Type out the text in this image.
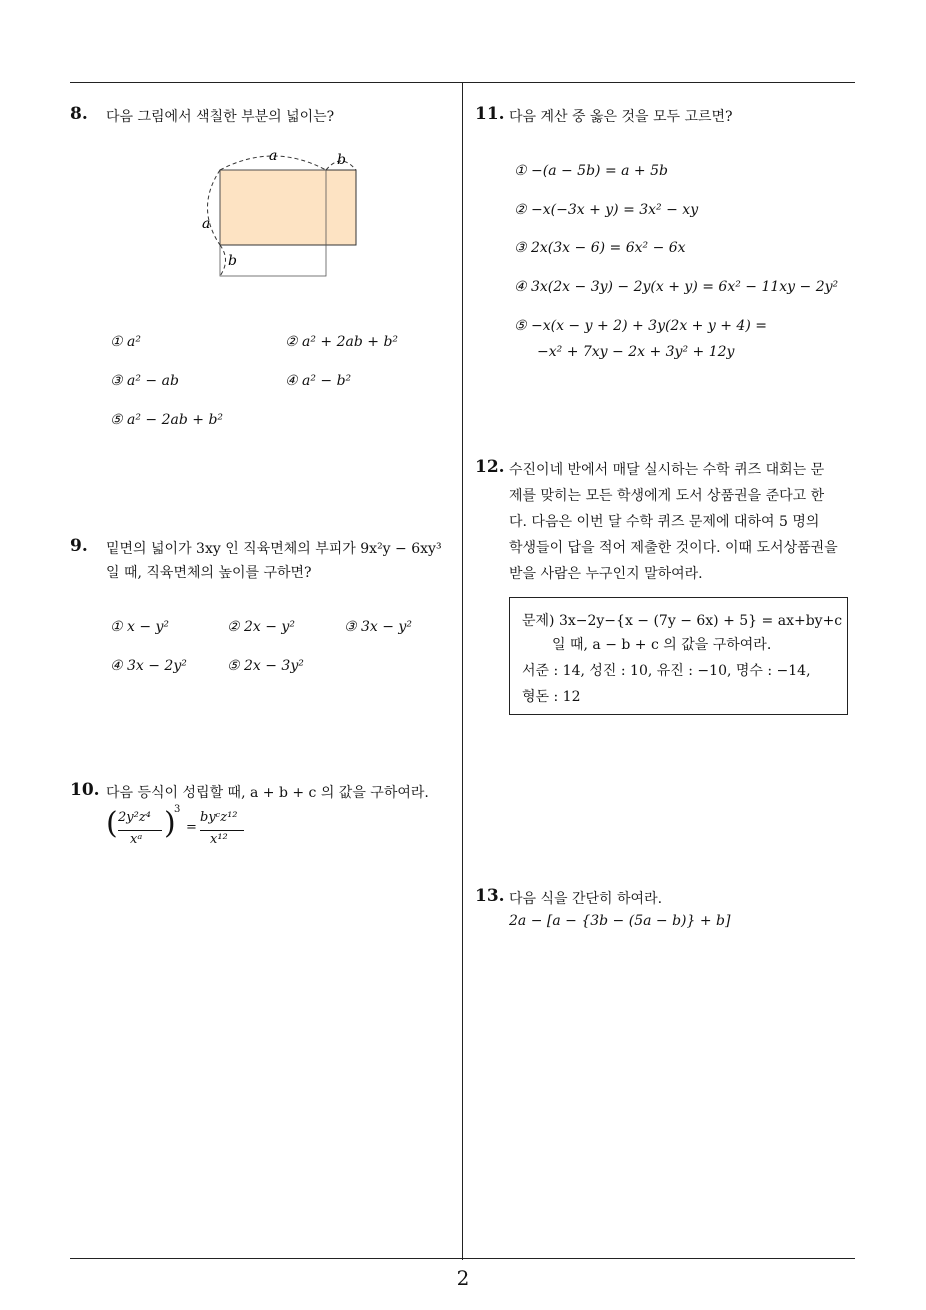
2
8. 다음 그림에서 색칠한 부분의 넓이는?
a	b
a
b
① a²	② a² + 2ab + b²
③ a² − ab	④ a² − b²
⑤ a² − 2ab + b²
9. 밑면의 넓이가 3xy 인 직육면체의 부피가 9x²y − 6xy³
일 때, 직육면체의 높이를 구하면?
① x − y²	② 2x − y²	③ 3x − y²
④ 3x − 2y²	⑤ 2x − 3y²
10. 다음 등식이 성립할 때, a + b + c 의 값을 구하여라.
( 2y²z⁴
xᵃ )
3
=
byᶜz¹²
x¹²
11. 다음 계산 중 옳은 것을 모두 고르면?
① −(a − 5b) = a + 5b
② −x(−3x + y) = 3x² − xy
③ 2x(3x − 6) = 6x² − 6x
④ 3x(2x − 3y) − 2y(x + y) = 6x² − 11xy − 2y²
⑤ −x(x − y + 2) + 3y(2x + y + 4) =
−x² + 7xy − 2x + 3y² + 12y
12. 수진이네 반에서 매달 실시하는 수학 퀴즈 대회는 문
제를 맞히는 모든 학생에게 도서 상품권을 준다고 한
다. 다음은 이번 달 수학 퀴즈 문제에 대하여 5 명의
학생들이 답을 적어 제출한 것이다. 이때 도서상품권을
받을 사람은 누구인지 말하여라.
문제) 3x−2y−{x − (7y − 6x) + 5} = ax+by+c
일 때, a − b + c 의 값을 구하여라.
서준 : 14, 성진 : 10, 유진 : −10, 명수 : −14,
형돈 : 12
13. 다음 식을 간단히 하여라.
2a − [a − {3b − (5a − b)} + b]
